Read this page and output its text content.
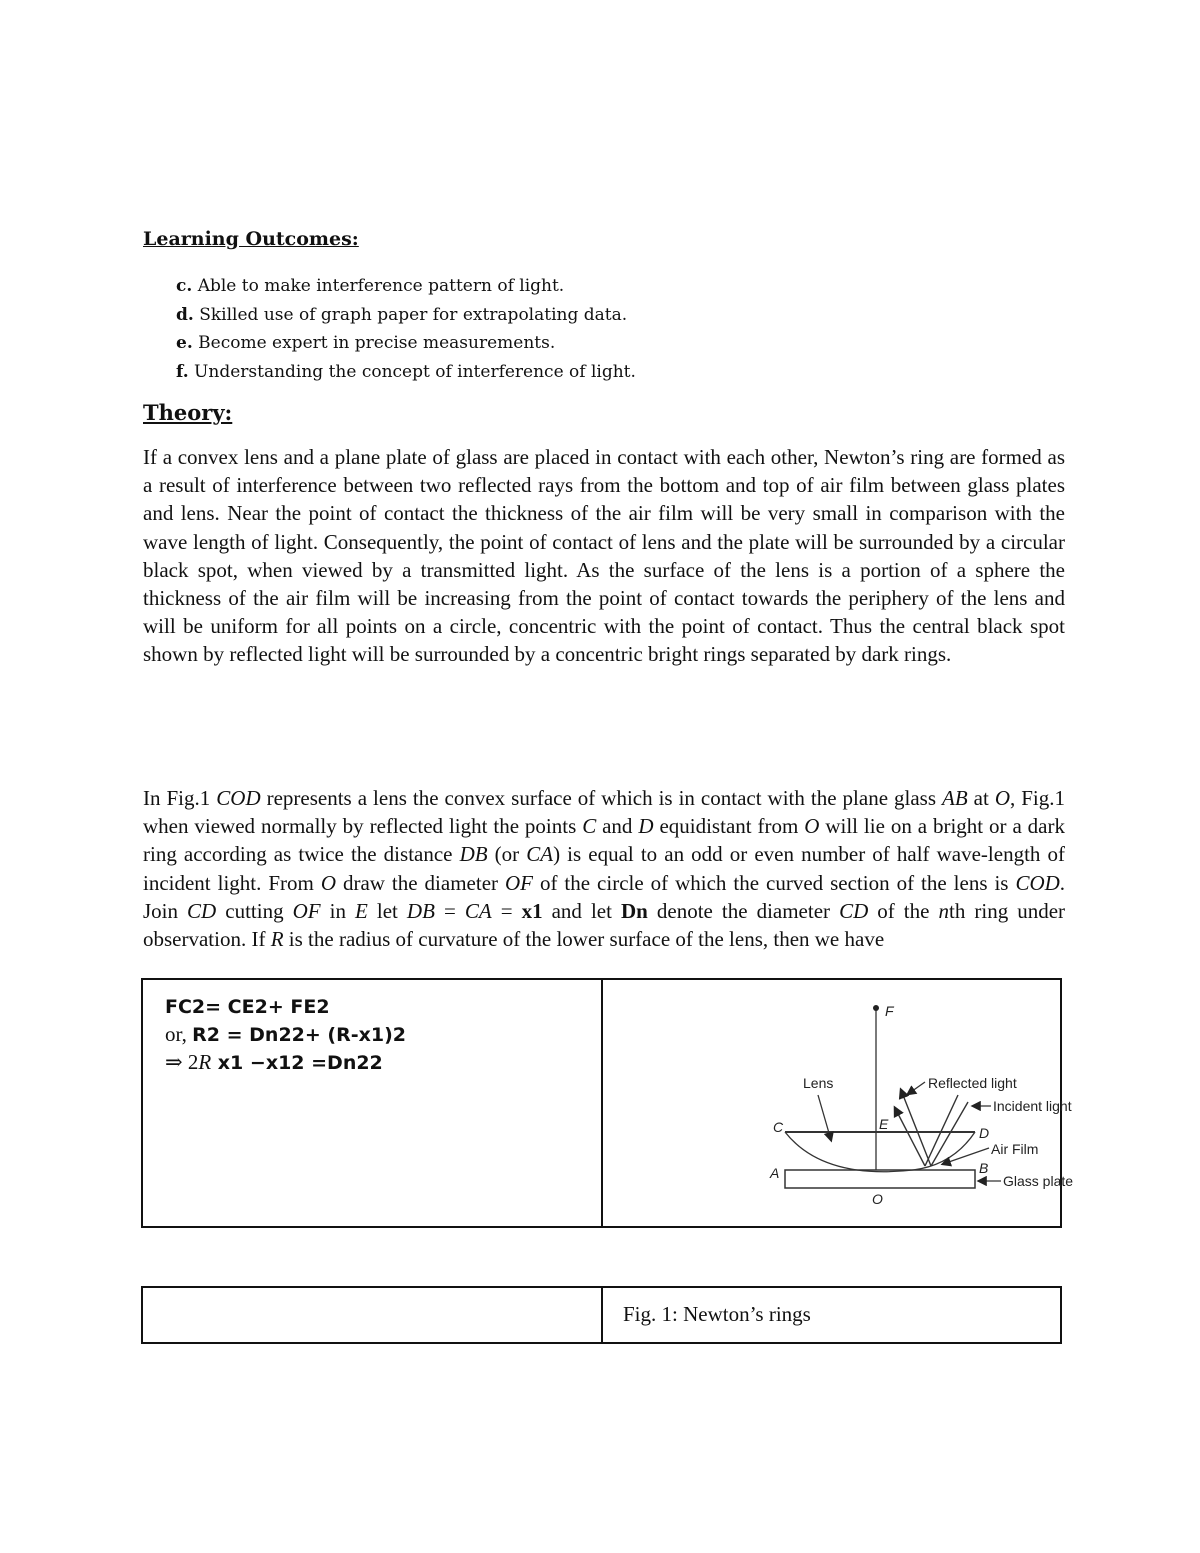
Learning Outcomes:
c. Able to make interference pattern of light.
d. Skilled use of graph paper for extrapolating data.
e. Become expert in precise measurements.
f. Understanding the concept of interference of light.
Theory:

If a convex lens and a plane plate of glass are placed in contact with each other, Newton’s ring are formed as a result of interference between two reflected rays from the bottom and top of air film between glass plates and lens. Near the point of contact the thickness of the air film will be very small in comparison with the wave length of light. Consequently, the point of contact of lens and the plate will be surrounded by a circular black spot, when viewed by a transmitted light. As the surface of the lens is a portion of a sphere the thickness of the air film will be increasing from the point of contact towards the periphery of the lens and will be uniform for all points on a circle, concentric with the point of contact. Thus the central black spot shown by reflected light will be surrounded by a concentric bright rings separated by dark rings.

In Fig.1 COD represents a lens the convex surface of which is in contact with the plane glass AB at O, Fig.1 when viewed normally by reflected light the points C and D equidistant from O will lie on a bright or a dark ring according as twice the distance DB (or CA) is equal to an odd or even number of half wave-length of incident light. From O draw the diameter OF of the circle of which the curved section of the lens is COD. Join CD cutting OF in E let DB = CA = x1 and let Dn denote the diameter CD of the nth ring under observation. If R is the radius of curvature of the lower surface of the lens, then we have

FC2= CE2+ FE2
or, R2 = Dn22+ (R-x1)2
⇒ 2R x1 −x12 =Dn22
F
Lens	Reflected light
Incident light
C	E
D
Air Film
A	B
Glass plate
O
Fig. 1: Newton’s rings
